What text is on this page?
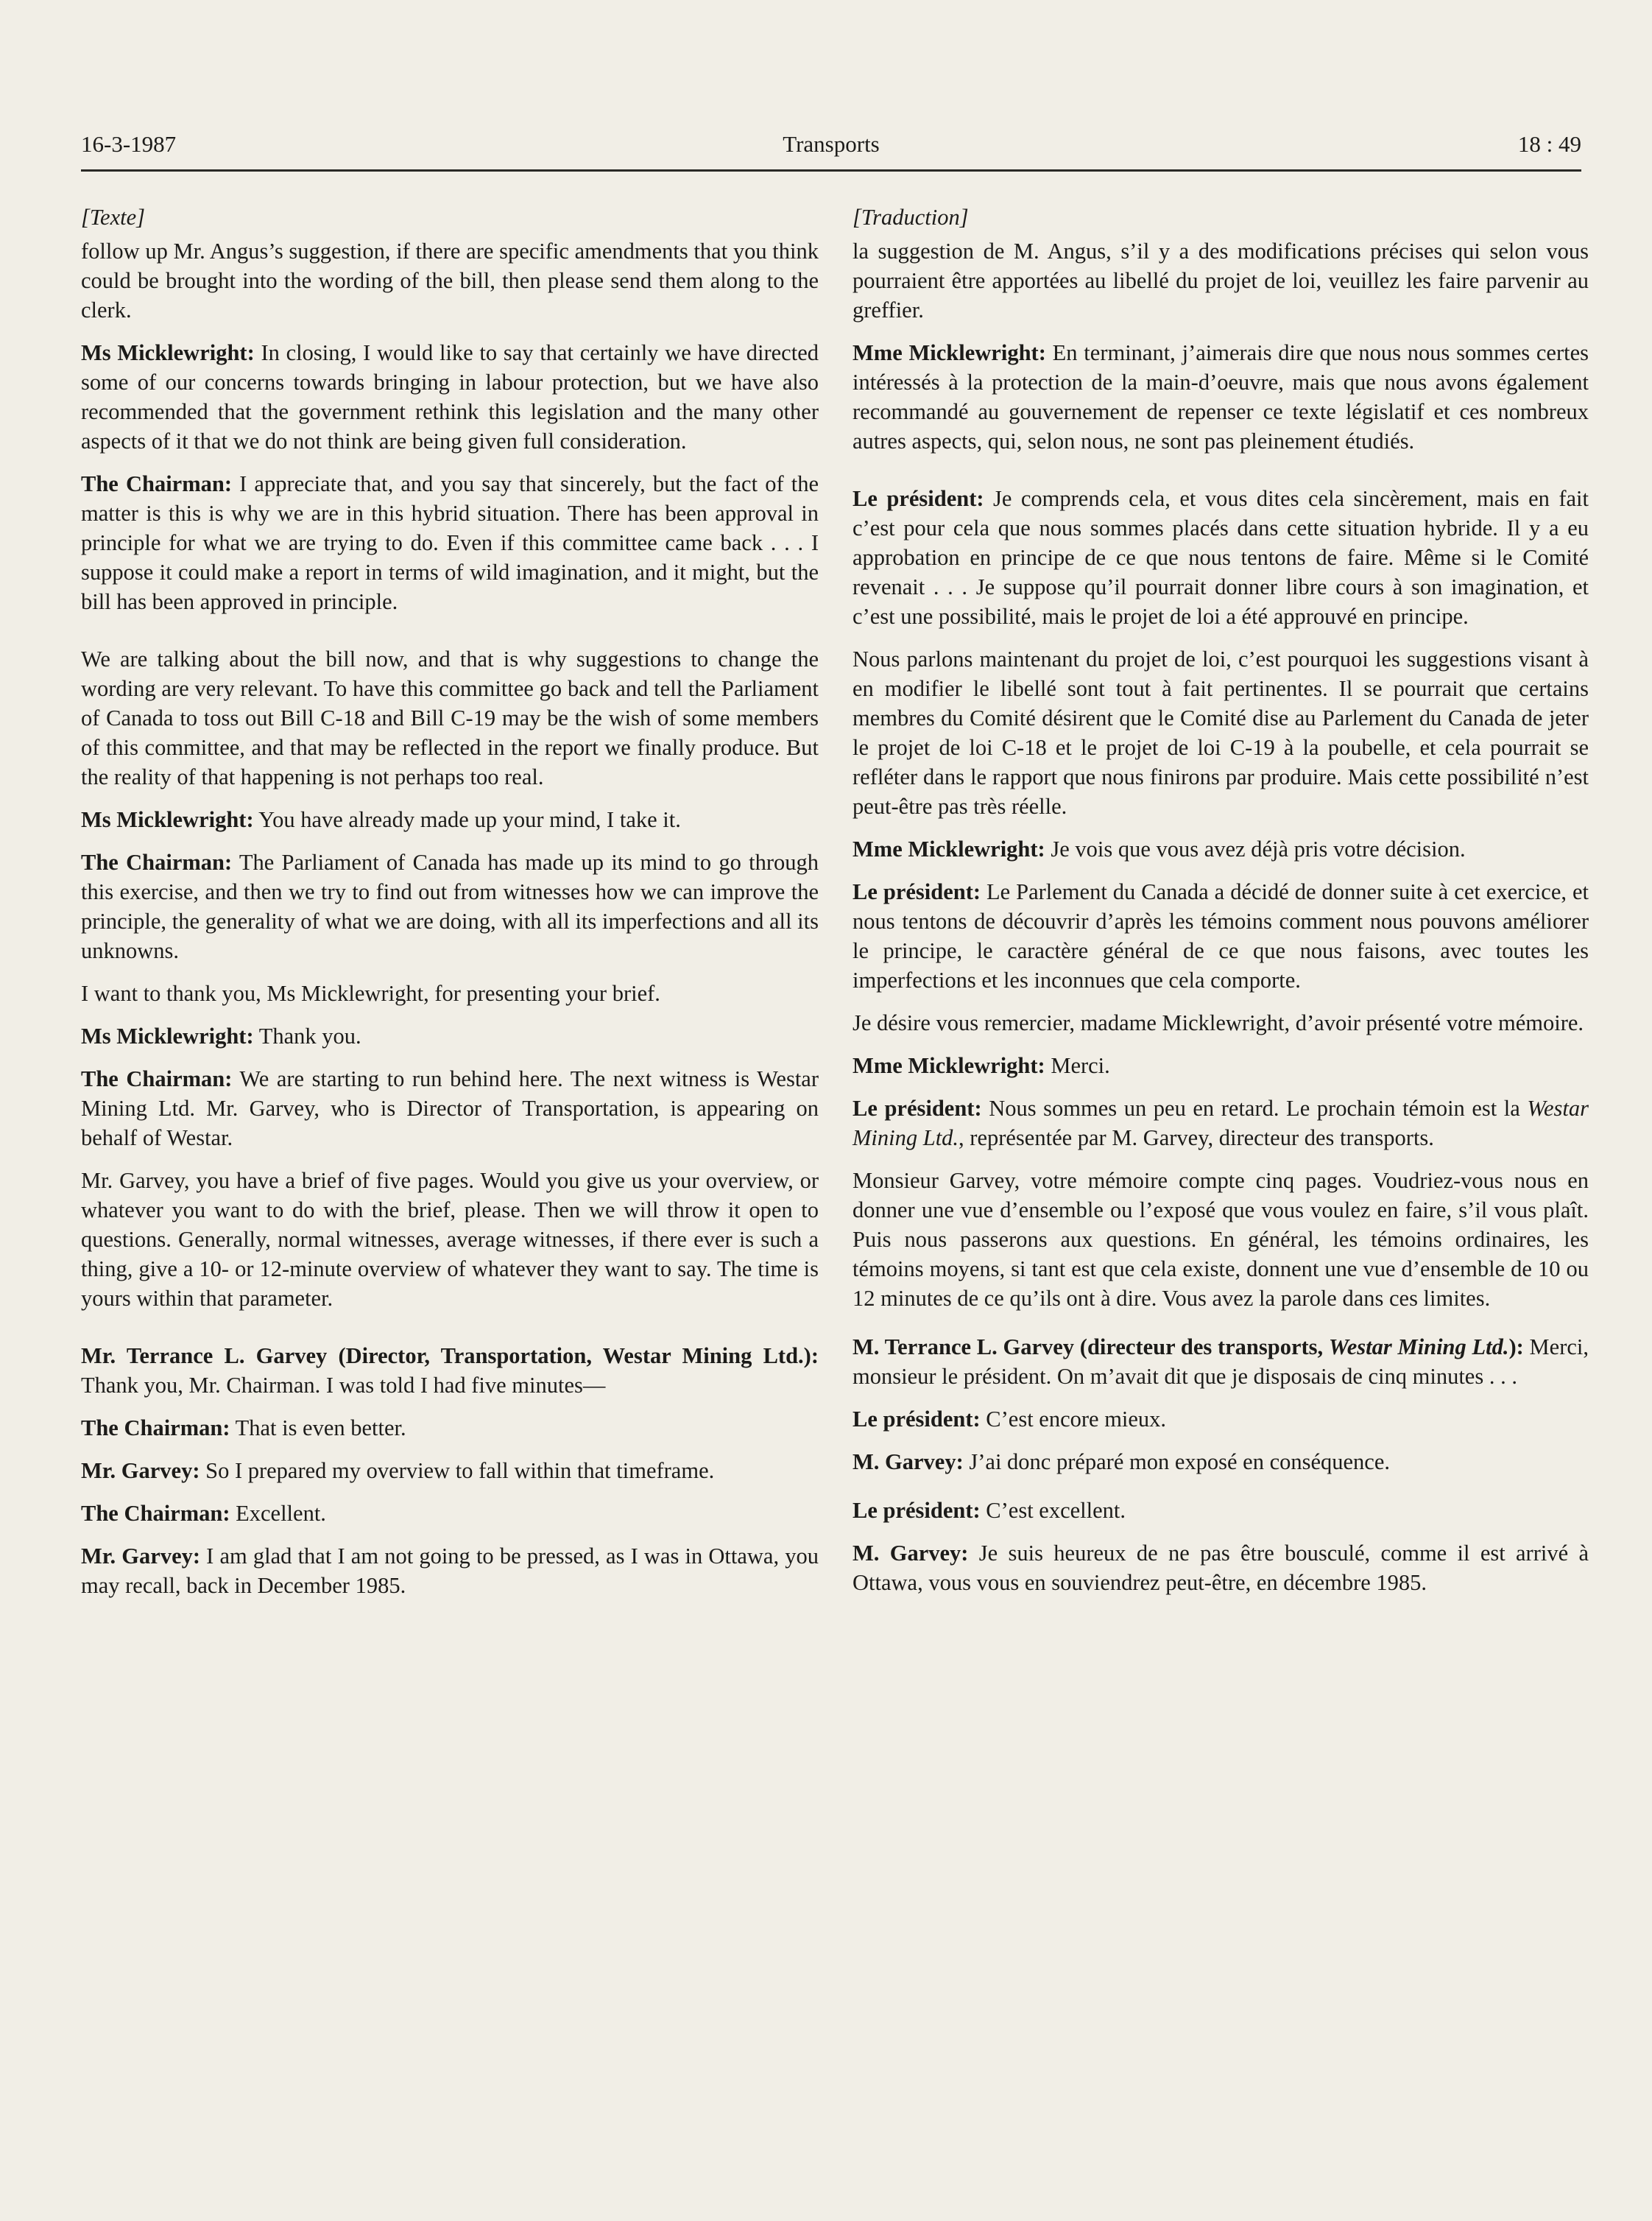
16-3-1987	Transports	18 : 49

[Texte]

follow up Mr. Angus’s suggestion, if there are specific amendments that you think could be brought into the wording of the bill, then please send them along to the clerk.

Ms Micklewright: In closing, I would like to say that certainly we have directed some of our concerns towards bringing in labour protection, but we have also recommended that the government rethink this legislation and the many other aspects of it that we do not think are being given full consideration.

The Chairman: I appreciate that, and you say that sincerely, but the fact of the matter is this is why we are in this hybrid situation. There has been approval in principle for what we are trying to do. Even if this committee came back . . . I suppose it could make a report in terms of wild imagination, and it might, but the bill has been approved in principle.

We are talking about the bill now, and that is why suggestions to change the wording are very relevant. To have this committee go back and tell the Parliament of Canada to toss out Bill C-18 and Bill C-19 may be the wish of some members of this committee, and that may be reflected in the report we finally produce. But the reality of that happening is not perhaps too real.

Ms Micklewright: You have already made up your mind, I take it.

The Chairman: The Parliament of Canada has made up its mind to go through this exercise, and then we try to find out from witnesses how we can improve the principle, the generality of what we are doing, with all its imperfections and all its unknowns.

I want to thank you, Ms Micklewright, for presenting your brief.

Ms Micklewright: Thank you.

The Chairman: We are starting to run behind here. The next witness is Westar Mining Ltd. Mr. Garvey, who is Director of Transportation, is appearing on behalf of Westar.

Mr. Garvey, you have a brief of five pages. Would you give us your overview, or whatever you want to do with the brief, please. Then we will throw it open to questions. Generally, normal witnesses, average witnesses, if there ever is such a thing, give a 10- or 12-minute overview of whatever they want to say. The time is yours within that parameter.

Mr. Terrance L. Garvey (Director, Transportation, Westar Mining Ltd.): Thank you, Mr. Chairman. I was told I had five minutes—

The Chairman: That is even better.

Mr. Garvey: So I prepared my overview to fall within that timeframe.

The Chairman: Excellent.

Mr. Garvey: I am glad that I am not going to be pressed, as I was in Ottawa, you may recall, back in December 1985.

[Traduction]

la suggestion de M. Angus, s’il y a des modifications précises qui selon vous pourraient être apportées au libellé du projet de loi, veuillez les faire parvenir au greffier.

Mme Micklewright: En terminant, j’aimerais dire que nous nous sommes certes intéressés à la protection de la main-d’oeuvre, mais que nous avons également recommandé au gouvernement de repenser ce texte législatif et ces nombreux autres aspects, qui, selon nous, ne sont pas pleinement étudiés.

Le président: Je comprends cela, et vous dites cela sincèrement, mais en fait c’est pour cela que nous sommes placés dans cette situation hybride. Il y a eu approbation en principe de ce que nous tentons de faire. Même si le Comité revenait . . . Je suppose qu’il pourrait donner libre cours à son imagination, et c’est une possibilité, mais le projet de loi a été approuvé en principe.

Nous parlons maintenant du projet de loi, c’est pourquoi les suggestions visant à en modifier le libellé sont tout à fait pertinentes. Il se pourrait que certains membres du Comité désirent que le Comité dise au Parlement du Canada de jeter le projet de loi C-18 et le projet de loi C-19 à la poubelle, et cela pourrait se refléter dans le rapport que nous finirons par produire. Mais cette possibilité n’est peut-être pas très réelle.

Mme Micklewright: Je vois que vous avez déjà pris votre décision.

Le président: Le Parlement du Canada a décidé de donner suite à cet exercice, et nous tentons de découvrir d’après les témoins comment nous pouvons améliorer le principe, le caractère général de ce que nous faisons, avec toutes les imperfections et les inconnues que cela comporte.

Je désire vous remercier, madame Micklewright, d’avoir présenté votre mémoire.

Mme Micklewright: Merci.

Le président: Nous sommes un peu en retard. Le prochain témoin est la Westar Mining Ltd., représentée par M. Garvey, directeur des transports.

Monsieur Garvey, votre mémoire compte cinq pages. Voudriez-vous nous en donner une vue d’ensemble ou l’exposé que vous voulez en faire, s’il vous plaît. Puis nous passerons aux questions. En général, les témoins ordinaires, les témoins moyens, si tant est que cela existe, donnent une vue d’ensemble de 10 ou 12 minutes de ce qu’ils ont à dire. Vous avez la parole dans ces limites.

M. Terrance L. Garvey (directeur des transports, Westar Mining Ltd.): Merci, monsieur le président. On m’avait dit que je disposais de cinq minutes . . .

Le président: C’est encore mieux.

M. Garvey: J’ai donc préparé mon exposé en conséquence.

Le président: C’est excellent.

M. Garvey: Je suis heureux de ne pas être bousculé, comme il est arrivé à Ottawa, vous vous en souviendrez peut-être, en décembre 1985.
